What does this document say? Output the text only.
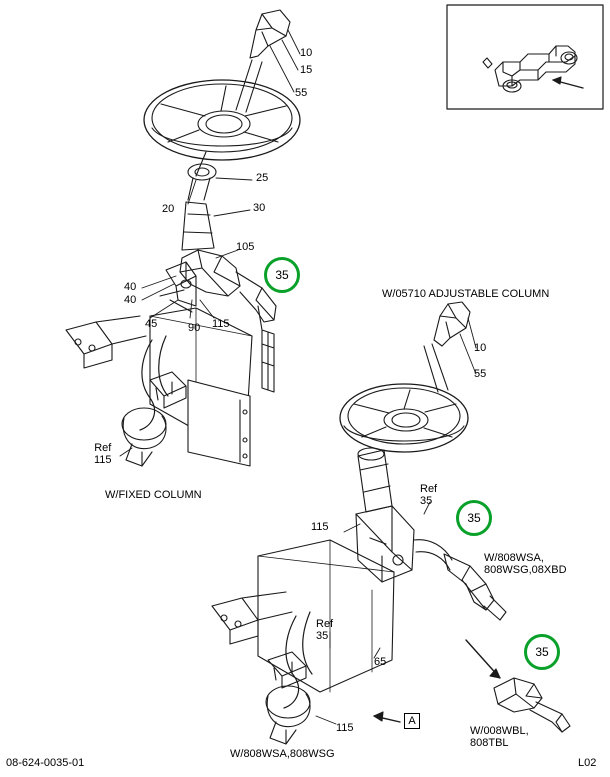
10
15
55
25
20	30
105
40
40
45	90 115
Ref
115
W/FIXED COLUMN
W/05710 ADJUSTABLE COLUMN
10
55
Ref
35
115
Ref
35
65
115
W/808WSA,808WSG
W/808WSA,
808WSG,08XBD
W/008WBL,
808TBL
35
35
35
A
08-624-0035-01	L02
